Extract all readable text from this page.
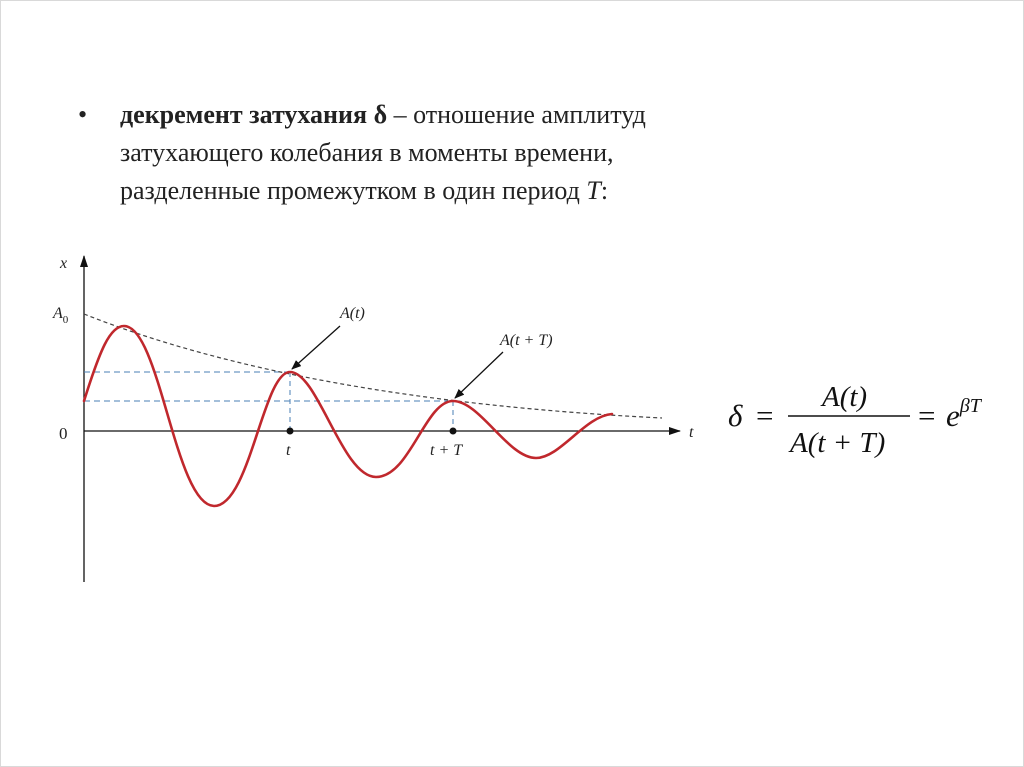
• декремент затухания δ – отношение амплитуд
затухающего колебания в моменты времени,
разделенные промежутком в один период T:
x
t
0
$A_0$
t	t + T
A(t)
A(t + T)
δ =
A(t)
A(t + T)
= $e^{\beta T}$
